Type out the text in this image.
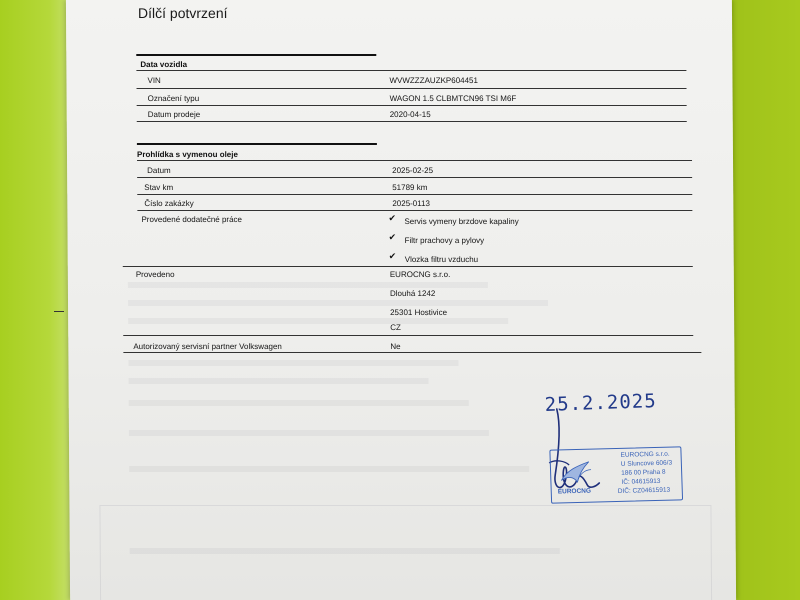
Dílčí potvrzení
Data vozidla
VIN	WVWZZZAUZKP604451
Označení typu	WAGON 1.5 CLBMTCN96 TSI M6F
Datum prodeje	2020-04-15
Prohlídka s vymenou oleje
Datum	2025-02-25
Stav km	51789 km
Číslo zakázky	2025-0113
Provedené dodatečné práce	✔ Servis vymeny brzdove kapaliny
✔ Filtr prachovy a pylovy
✔ Vlozka filtru vzduchu
Provedeno	EUROCNG s.r.o.
Dlouhá 1242
25301 Hostivice
CZ
Autorizovaný servisní partner Volkswagen	Ne
25.2.2025
EUROCNG
EUROCNG s.r.o.
U Sluncove 606/3
186 00 Praha 8
IČ: 04615913
DIČ: CZ04615913
